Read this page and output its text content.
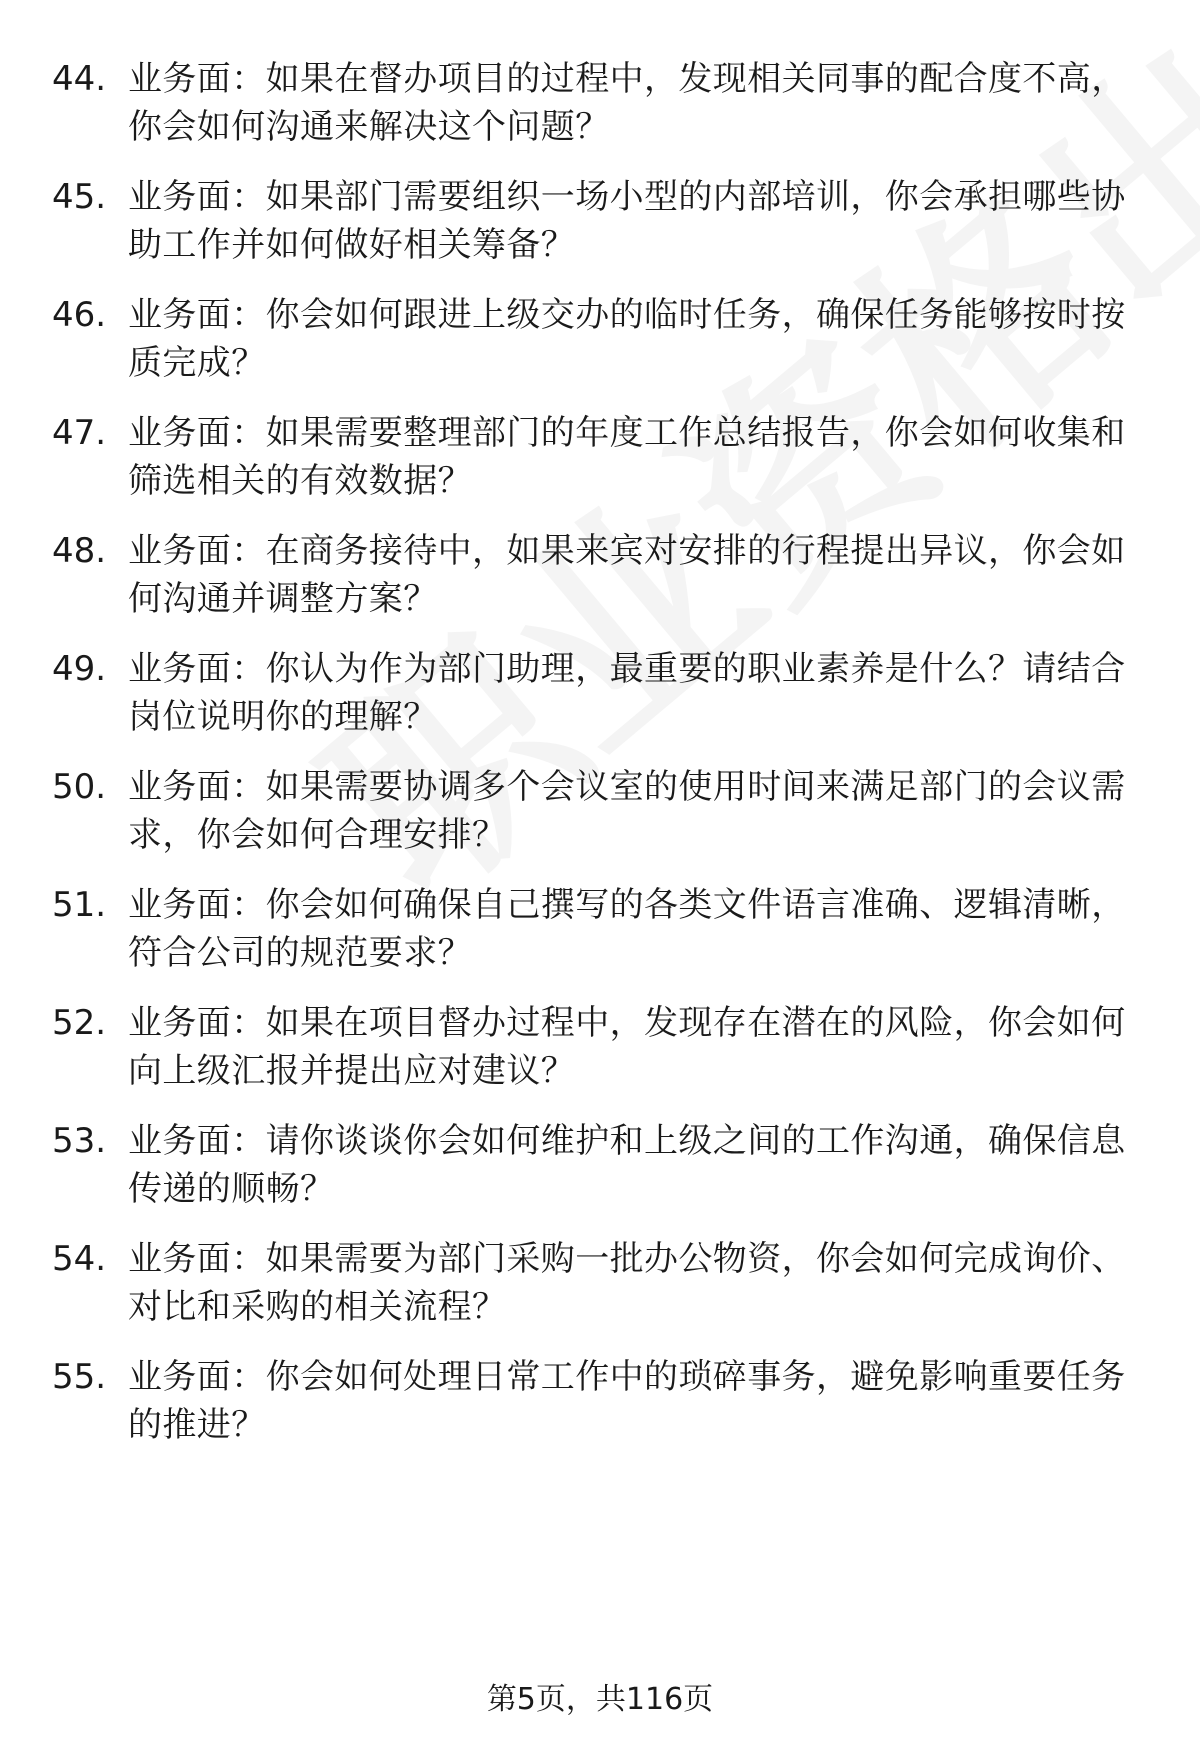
44. 业务面：如果在督办项目的过程中，发现相关同事的配合度不高，你会如何沟通来解决这个问题？
45. 业务面：如果部门需要组织一场小型的内部培训，你会承担哪些协助工作并如何做好相关筹备？
46. 业务面：你会如何跟进上级交办的临时任务，确保任务能够按时按质完成？
47. 业务面：如果需要整理部门的年度工作总结报告，你会如何收集和筛选相关的有效数据？
48. 业务面：在商务接待中，如果来宾对安排的行程提出异议，你会如何沟通并调整方案？
49. 业务面：你认为作为部门助理，最重要的职业素养是什么？请结合岗位说明你的理解？
50. 业务面：如果需要协调多个会议室的使用时间来满足部门的会议需求，你会如何合理安排？
51. 业务面：你会如何确保自己撰写的各类文件语言准确、逻辑清晰，符合公司的规范要求？
52. 业务面：如果在项目督办过程中，发现存在潜在的风险，你会如何向上级汇报并提出应对建议？
53. 业务面：请你谈谈你会如何维护和上级之间的工作沟通，确保信息传递的顺畅？
54. 业务面：如果需要为部门采购一批办公物资，你会如何完成询价、对比和采购的相关流程？
55. 业务面：你会如何处理日常工作中的琐碎事务，避免影响重要任务的推进？
第5页，共116页
